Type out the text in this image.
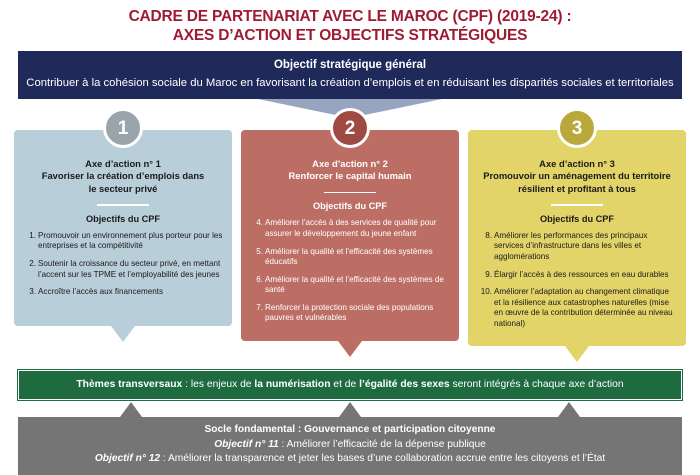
CADRE DE PARTENARIAT AVEC LE MAROC (CPF) (2019-24) :
AXES D’ACTION ET OBJECTIFS STRATÉGIQUES
Objectif stratégique général
Contribuer à la cohésion sociale du Maroc en favorisant la création d’emplois et en réduisant les disparités sociales et territoriales
1
Axe d’action n° 1
Favoriser la création d’emplois dans
le secteur privé
Objectifs du CPF
1. Promouvoir un environnement plus porteur pour les entreprises et la compétitivité
2. Soutenir la croissance du secteur privé, en mettant l’accent sur les TPME et l’employabilité des jeunes
3. Accroître l’accès aux financements
2
Axe d’action n° 2
Renforcer le capital humain
Objectifs du CPF
4. Améliorer l’accès à des services de qualité pour assurer le développement du jeune enfant
5. Améliorer la qualité et l’efficacité des systèmes éducatifs
6. Améliorer la qualité et l’efficacité des systèmes de santé
7. Renforcer la protection sociale des populations pauvres et vulnérables
3
Axe d’action n° 3
Promouvoir un aménagement du territoire
résilient et profitant à tous
Objectifs du CPF
8. Améliorer les performances des principaux services d’infrastructure dans les villes et agglomérations
9. Élargir l’accès à des ressources en eau durables
10. Améliorer l’adaptation au changement climatique et la résilience aux catastrophes naturelles (mise en œuvre de la contribution déterminée au niveau national)
Thèmes transversaux : les enjeux de la numérisation et de l’égalité des sexes seront intégrés à chaque axe d’action
Socle fondamental : Gouvernance et participation citoyenne
Objectif n° 11 : Améliorer l’efficacité de la dépense publique
Objectif n° 12 : Améliorer la transparence et jeter les bases d’une collaboration accrue entre les citoyens et l’État
